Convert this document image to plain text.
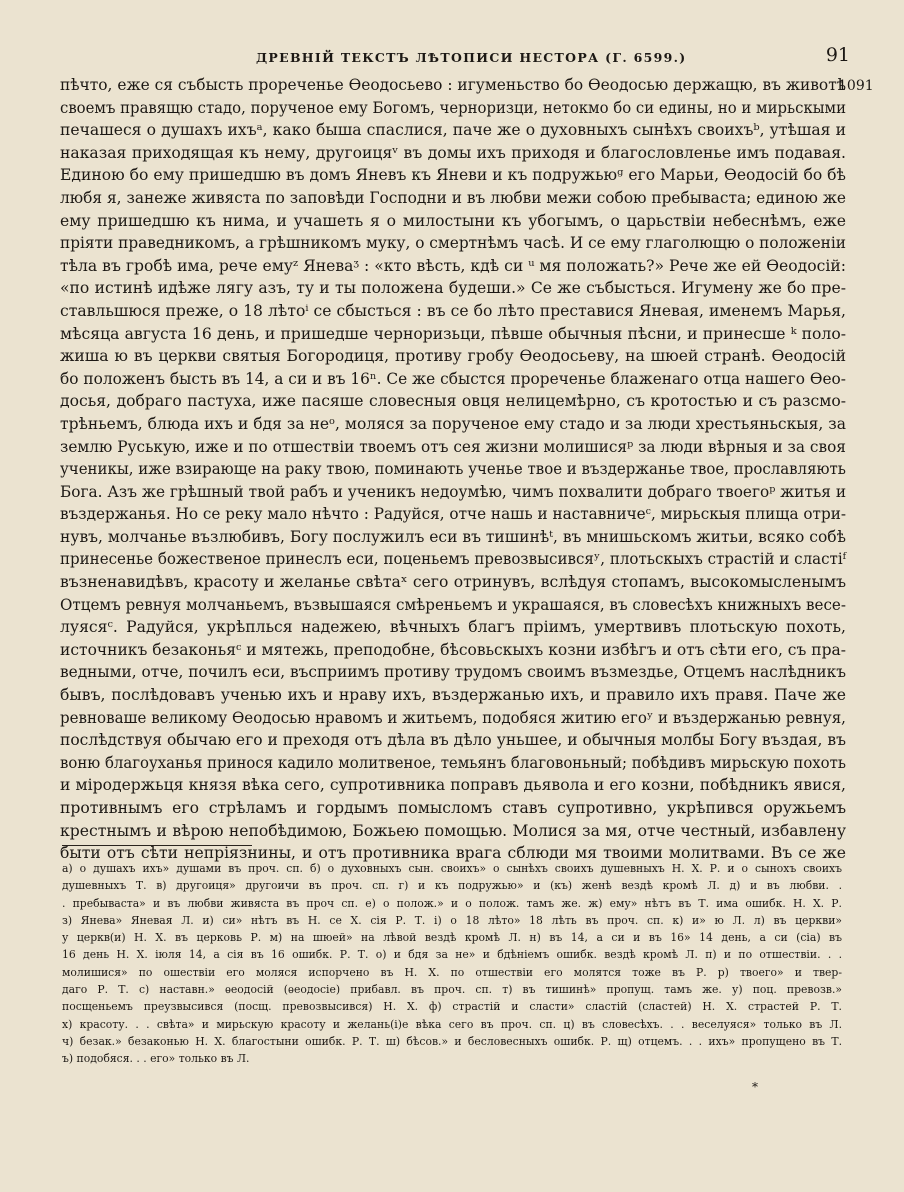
ДРЕВНІЙ ТЕКСТЪ ЛѢТОПИСИ НЕСТОРА (Г. 6599.)	91
1091
пѣчто, еже ся събысть прореченье Ѳеодосьево : игуменьство бо Ѳеодосью держащю, въ животѣ
своемъ правящю стадо, порученое ему Богомъ, черноризци, нетокмо бо си едины, но и мирьскыми
печашеся о душахъ ихъᵃ, како быша спаслися, паче же о духовныхъ сынѣхъ своихъᵇ, утѣшая и
наказая приходящая къ нему, другоицяᵛ въ домы ихъ приходя и благословленье имъ подавая.
Единою бо ему пришедшю въ домъ Яневъ къ Яневи и къ подружьюᵍ его Марьи, Ѳеодосій бо бѣ
любя я, занеже живяста по заповѣди Господни и въ любви межи собою пребываста; единою же
ему пришедшю къ нима, и учашеть я о милостыни къ убогымъ, о царьствіи небеснѣмъ, еже
пріяти праведникомъ, а грѣшникомъ муку, о смертнѣмъ часѣ. И се ему глаголющю о положеніи
тѣла въ гробѣ има, рече емуᶻ Яневаᶾ : «кто вѣсть, кдѣ си ᵘ мя положать?» Рече же ей Ѳеодосій:
«по истинѣ идѣже лягу азъ, ту и ты положена будеши.» Се же събысться. Игумену же бо пре-
ставльшюся преже, о 18 лѣтоⁱ се сбысться : въ се бо лѣто преставися Яневая, именемъ Марья,
мѣсяца августа 16 день, и пришедше черноризьци, пѣвше обычныя пѣсни, и принесше ᵏ поло-
жиша ю въ церкви святыя Богородиця, противу гробу Ѳеодосьеву, на шюей странѣ. Ѳеодосій
бо положенъ бысть въ 14, а си и въ 16ⁿ. Се же сбыстся прореченье блаженаго отца нашего Ѳео-
досья, добраго пастуха, иже пасяше словесныя овця нелицемѣрно, съ кротостью и съ разсмо-
трѣньемъ, блюда ихъ и бдя за неᵒ, моляся за порученое ему стадо и за люди хрестьяньскыя, за
землю Руськую, иже и по отшествіи твоемъ отъ сея жизни молишисяᵖ за люди вѣрныя и за своя
ученикы, иже взирающе на раку твою, поминають ученье твое и въздержанье твое, прославляють
Бога. Азъ же грѣшный твой рабъ и ученикъ недоумѣю, чимъ похвалити добраго твоегоᵖ житья и
въздержанья. Но се реку мало нѣчто : Радуйся, отче нашь и наставничеᶜ, мирьскыя плища отри-
нувъ, молчанье възлюбивъ, Богу послужилъ еси въ тишинѣᵗ, въ мнишьскомъ житьи, всяко собѣ
принесенье божественое принеслъ еси, поценьемъ превозвысивсяʸ, плотьскыхъ страстій и сластіᶠ
възненавидѣвъ, красоту и желанье свѣтаˣ сего отринувъ, вслѣдуя стопамъ, высокомысленымъ
Отцемъ ревнуя молчаньемъ, възвышаяся смѣреньемъ и украшаяся, въ словесѣхъ книжныхъ весе-
луясяᶜ. Радуйся, укрѣплься надежею, вѣчныхъ благъ пріимъ, умертвивъ плотьскую похоть,
источникъ безаконьяᶜ и мятежь, преподобне, бѣсовьскыхъ козни избѣгъ и отъ сѣти его, съ пра-
ведными, отче, почилъ еси, въсприимъ противу трудомъ своимъ възмездье, Отцемъ наслѣдникъ
бывъ, послѣдовавъ ученью ихъ и нраву ихъ, въздержанью ихъ, и правило ихъ правя. Паче же
ревноваше великому Ѳеодосью нравомъ и житьемъ, подобяся житию егоʸ и въздержанью ревнуя,
послѣдствуя обычаю его и преходя отъ дѣла въ дѣло уньшее, и обычныя молбы Богу въздая, въ
воню благоуханья принося кадило молитвеное, темьянъ благовоньный; побѣдивъ мирьскую похоть
и міродержьця князя вѣка сего, супротивника поправъ дьявола и его козни, побѣдникъ явися,
противнымъ его стрѣламъ и гордымъ помысломъ ставъ супротивно, укрѣпився оружьемъ
крестнымъ и вѣрою непобѣдимою, Божьею помощью. Молися за мя, отче честный, избавлену
быти отъ сѣти непріязнины, и отъ противника врага сблюди мя твоими молитвами. Въ се же
а) о душахъ ихъ» душами въ проч. сп. б) о духовныхъ сын. своихъ» о сынѣхъ своихъ душевныхъ Н. Х. Р. и о сынохъ своихъ
душевныхъ Т. в) другоиця» другоичи въ проч. сп. г) и къ подружью» и (къ) женѣ вездѣ кромѣ Л. д) и въ любви. .
. пребываста» и въ любви живяста въ проч сп. е) о полож.» и о полож. тамъ же. ж) ему» нѣтъ въ Т. има ошибк. Н. Х. Р.
з) Янева» Яневая Л. и) си» нѣтъ въ Н. се Х. сія Р. Т. і) о 18 лѣто» 18 лѣть въ проч. сп. к) и» ю Л. л) въ церкви»
у церкв(и) Н. Х. въ церковь Р. м) на шюей» на лѣвой вездѣ кромѣ Л. н) въ 14, а си и въ 16» 14 день, а си (сіа) въ
16 день Н. Х. іюля 14, а сія въ 16 ошибк. Р. Т. о) и бдя за не» и бдѣніемъ ошибк. вездѣ кромѣ Л. п) и по отшествіи. . .
молишися» по ошествіи его моляся испорчено въ Н. Х. по отшествіи его молятся тоже въ Р. р) твоего» и твер-
даго Р. Т. с) наставн.» ѳеодосій (ѳеодосіе) прибавл. въ проч. сп. т) въ тишинѣ» пропущ. тамъ же. у) поц. превозв.»
посщеньемъ преузвысився (посщ. превозвысився) Н. Х. ф) страстій и сласти» сластій (сластей) Н. Х. страстей Р. Т.
х) красоту. . . свѣта» и мирьскую красоту и желань(і)е вѣка сего въ проч. сп. ц) въ словесѣхъ. . . веселуяся» только въ Л.
ч) безак.» безаконью Н. Х. благостыни ошибк. Р. Т. ш) бѣсов.» и бесловесныхъ ошибк. Р. щ) отцемъ. . . ихъ» пропущено въ Т.
ъ) подобяся. . . его» только въ Л.
*
